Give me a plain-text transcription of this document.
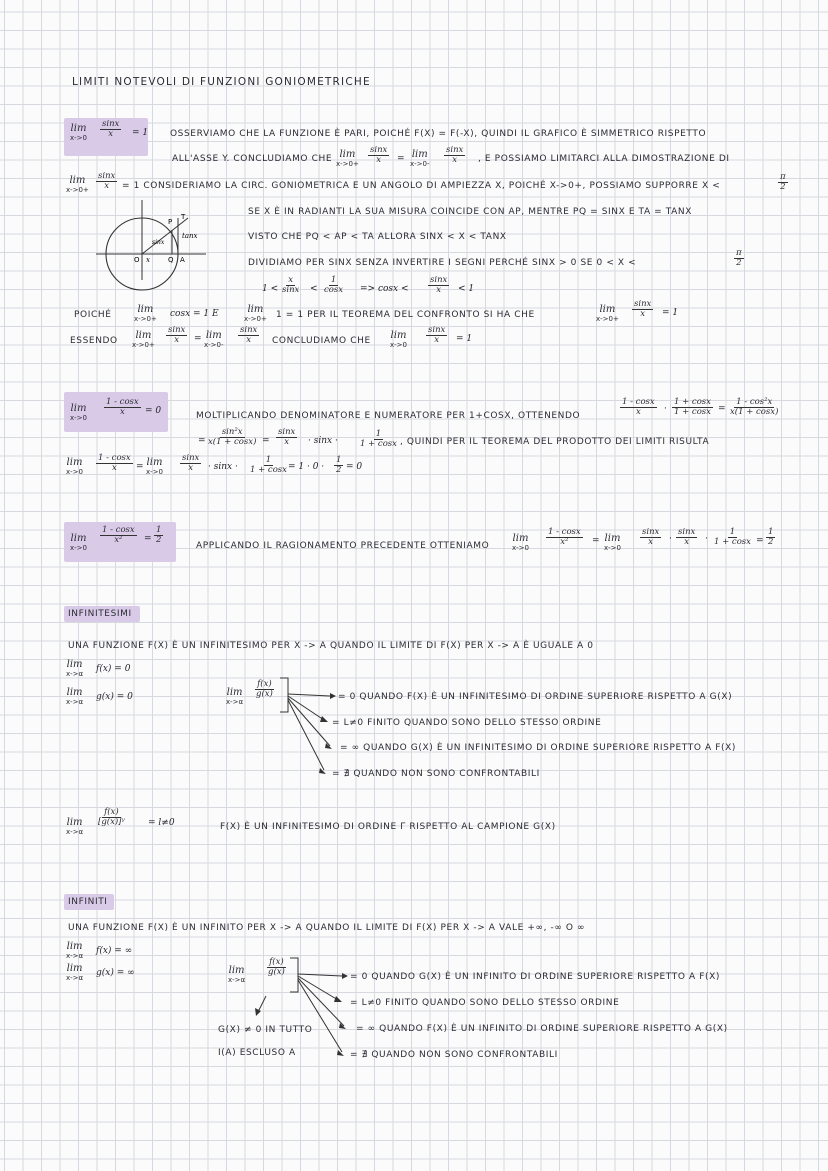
LIMITI NOTEVOLI DI FUNZIONI GONIOMETRICHE
lim
$x->0 \frac{\sin x}{x} = 1$ OSSERVIAMO CHE LA FUNZIONE È PARI, POICHÉ F(X) = F(-X), QUINDI IL GRAFICO È SIMMETRICO RISPETTO
ALL'ASSE Y. CONCLUDIAMO CHE lim
$x->0+ \frac{\sin x}{x} = \lim$
$x->0- \frac{\sin x}{x}$ , E POSSIAMO LIMITARCI ALLA DIMOSTRAZIONE DI
lim
$x->0+ \frac{\sin x}{x} = 1$ CONSIDERIAMO LA CIRC. GONIOMETRICA E UN ANGOLO DI AMPIEZZA X, POICHÉ X->0+, POSSIAMO SUPPORRE X <	$\frac{\pi}{2}$
P
T
tanx
sinx
O x	Q A
SE X È IN RADIANTI LA SUA MISURA COINCIDE CON AP, MENTRE PQ = SINX E TA = TANX
VISTO CHE PQ < AP < TA ALLORA SINX < X < TANX
DIVIDIAMO PER SINX SENZA INVERTIRE I SEGNI PERCHÉ SINX > 0 SE 0 < X <	$\frac{\pi}{2}$
$1 < \frac{x}{\sin x} < \frac{1}{\cos x} => \cos x < \frac{\sin x}{x} < 1$
POICHÉ	lim
x->0+ cosx = 1 E	lim
x->0+ 1 = 1 PER IL TEOREMA DEL CONFRONTO SI HA CHE	lim
x->0+
$\frac{\sin x}{x} = 1$
ESSENDO	lim
x->0+
$\frac{\sin x}{x} = \lim$
x->0-
$\frac{\sin x}{x}$ CONCLUDIAMO CHE lim
x->0
$\frac{\sin x}{x} = 1$
lim
x->0
$\frac{1 - \cos x}{x} = 0$	MOLTIPLICANDO DENOMINATORE E NUMERATORE PER 1+COSX, OTTENENDO	$\frac{1 - \cos x}{x} \cdot \frac{1 + \cos x}{1 + \cos x} = \frac{\text{1 - cos²x}}{x(1 + \cos x)}$
= $\frac{\text{sin²x}}{x(1 + \cos x)} = \frac{\sin x}{x} \cdot \sin x \cdot \frac{1}{1 + \cos x}$ , QUINDI PER IL TEOREMA DEL PRODOTTO DEI LIMITI RISULTA
lim
$x->0 \frac{1 - \cos x}{x} = \lim$
$x->0 \frac{\sin x}{x} \cdot \sin x \cdot \frac{1}{1 + \cos x} = 1 \cdot 0 \cdot \frac{1}{2} = 0$
lim
x->0
$\frac{1 - \cos x}{\text{x²}} = \frac{1}{2}$
APPLICANDO IL RAGIONAMENTO PRECEDENTE OTTENIAMO
lim
x->0
$\frac{1 - \cos x}{\text{x²}} = \lim$
x->0
$\frac{\sin x}{x} \cdot \frac{\sin x}{x} \cdot \frac{1}{1 + \cos x} = \frac{1}{2}$
INFINITESIMI
UNA FUNZIONE F(X) È UN INFINITESIMO PER X -> Α QUANDO IL LIMITE DI F(X) PER X -> Α È UGUALE A 0
lim
x->α f(x) = 0
lim
x->α g(x) = 0	lim
x->α
$\frac{f(x)}{g(x)}$	= 0 QUANDO F(X) È UN INFINITESIMO DI ORDINE SUPERIORE RISPETTO A G(X)
= L≠0 FINITO QUANDO SONO DELLO STESSO ORDINE
= ∞ QUANDO G(X) È UN INFINITESIMO DI ORDINE SUPERIORE RISPETTO A F(X)
= ∄ QUANDO NON SONO CONFRONTABILI
lim
x->α
$\frac{f(x)}{\text{[g(x)]ᵞ}} = l\ne 0$	F(X) È UN INFINITESIMO DI ORDINE Γ RISPETTO AL CAMPIONE G(X)
INFINITI
UNA FUNZIONE F(X) È UN INFINITO PER X -> Α QUANDO IL LIMITE DI F(X) PER X -> Α VALE +∞, -∞ O ∞
lim
x->α f(x) = ∞
lim
x->α g(x) = ∞	lim
x->α
$\frac{f(x)}{g(x)}$
= 0 QUANDO G(X) È UN INFINITO DI ORDINE SUPERIORE RISPETTO A F(X)
= L≠0 FINITO QUANDO SONO DELLO STESSO ORDINE
= ∞ QUANDO F(X) È UN INFINITO DI ORDINE SUPERIORE RISPETTO A G(X)
= ∄ QUANDO NON SONO CONFRONTABILI
G(X) ≠ 0 IN TUTTO
I(Α) ESCLUSO Α
